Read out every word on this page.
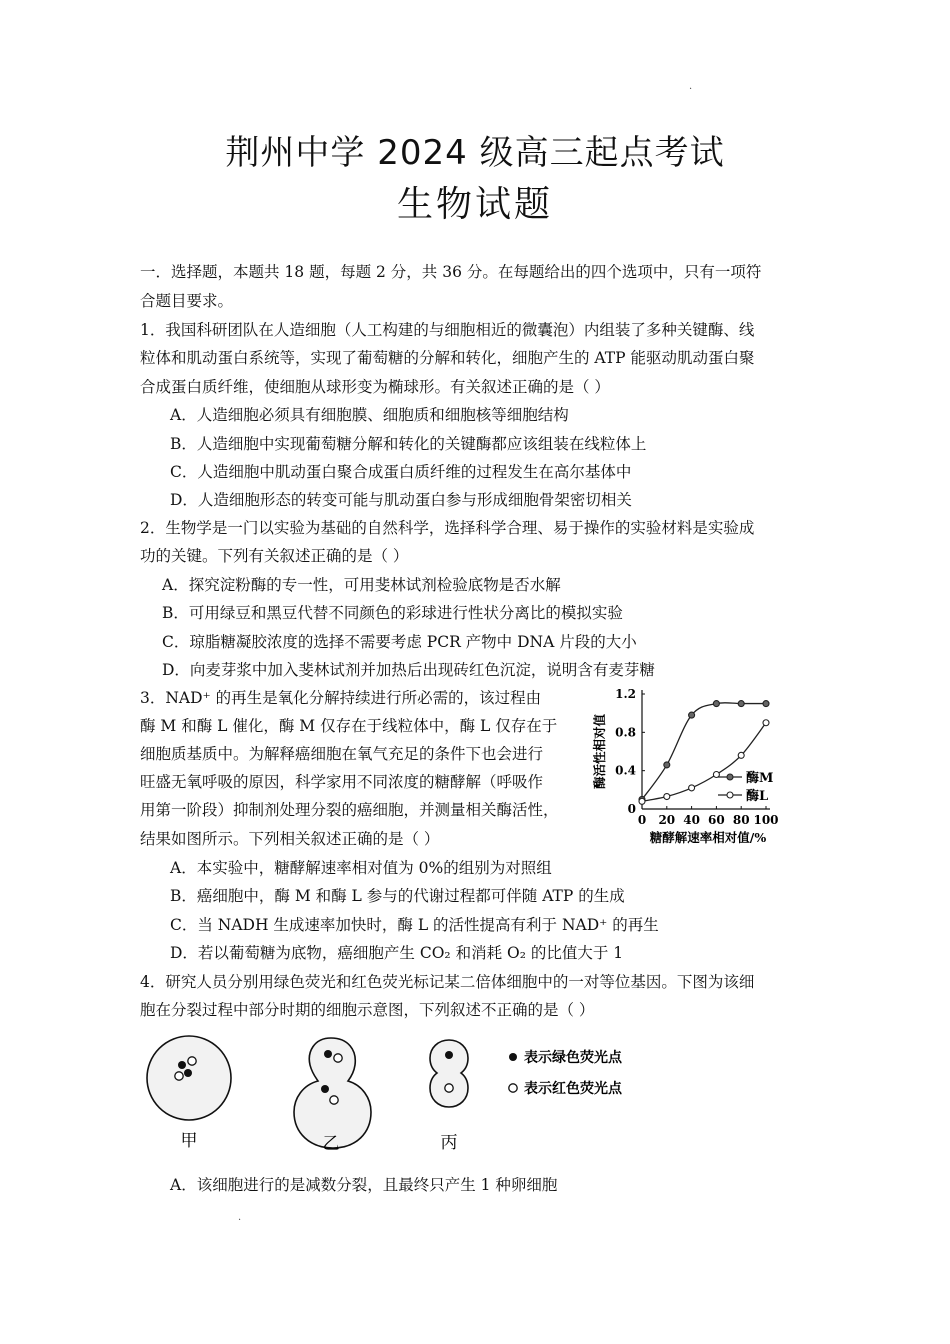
·
荆州中学 2024 级高三起点考试
生物试题
一．选择题，本题共 18 题，每题 2 分，共 36 分。在每题给出的四个选项中，只有一项符
合题目要求。
1．我国科研团队在人造细胞（人工构建的与细胞相近的微囊泡）内组装了多种关键酶、线
粒体和肌动蛋白系统等，实现了葡萄糖的分解和转化，细胞产生的 ATP 能驱动肌动蛋白聚
合成蛋白质纤维，使细胞从球形变为椭球形。有关叙述正确的是（ ）
A．人造细胞必须具有细胞膜、细胞质和细胞核等细胞结构
B．人造细胞中实现葡萄糖分解和转化的关键酶都应该组装在线粒体上
C．人造细胞中肌动蛋白聚合成蛋白质纤维的过程发生在高尔基体中
D．人造细胞形态的转变可能与肌动蛋白参与形成细胞骨架密切相关
2．生物学是一门以实验为基础的自然科学，选择科学合理、易于操作的实验材料是实验成
功的关键。下列有关叙述正确的是（ ）
A．探究淀粉酶的专一性，可用斐林试剂检验底物是否水解
B．可用绿豆和黑豆代替不同颜色的彩球进行性状分离比的模拟实验
C．琼脂糖凝胶浓度的选择不需要考虑 PCR 产物中 DNA 片段的大小
D．向麦芽浆中加入斐林试剂并加热后出现砖红色沉淀，说明含有麦芽糖
3．NAD⁺ 的再生是氧化分解持续进行所必需的，该过程由
酶 M 和酶 L 催化，酶 M 仅存在于线粒体中，酶 L 仅存在于
细胞质基质中。为解释癌细胞在氧气充足的条件下也会进行
旺盛无氧呼吸的原因，科学家用不同浓度的糖酵解（呼吸作
用第一阶段）抑制剂处理分裂的癌细胞，并测量相关酶活性，
结果如图所示。下列相关叙述正确的是（ ）
0 20 40 60 80 100
0
0.4
0.8
1.2
糖酵解速率相对值/%
酶活性相对值	酶M
酶L
A．本实验中，糖酵解速率相对值为 0%的组别为对照组
B．癌细胞中，酶 M 和酶 L 参与的代谢过程都可伴随 ATP 的生成
C．当 NADH 生成速率加快时，酶 L 的活性提高有利于 NAD⁺ 的再生
D．若以葡萄糖为底物，癌细胞产生 CO₂ 和消耗 O₂ 的比值大于 1
4．研究人员分别用绿色荧光和红色荧光标记某二倍体细胞中的一对等位基因。下图为该细
胞在分裂过程中部分时期的细胞示意图，下列叙述不正确的是（ ）
甲	乙	丙
表示绿色荧光点
表示红色荧光点
A．该细胞进行的是减数分裂，且最终只产生 1 种卵细胞
·
